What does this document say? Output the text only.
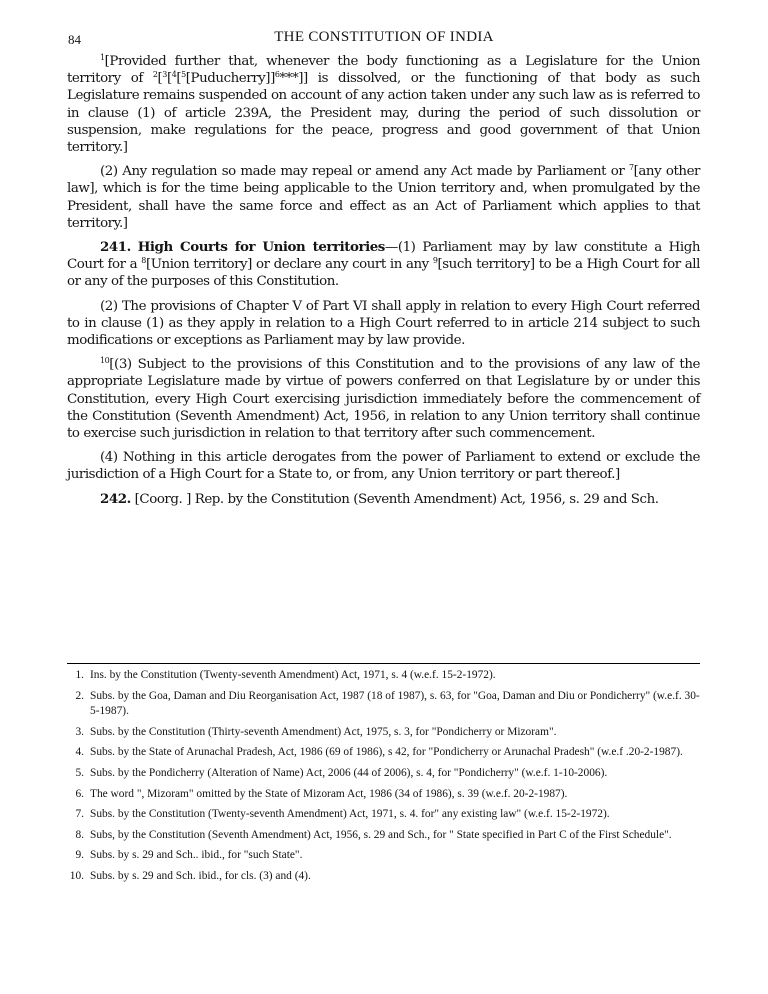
84	THE CONSTITUTION OF INDIA

$^1$[Provided further that, whenever the body functioning as a Legislature for the Union territory of $^2$[$^3$[$^4$[$^5$[Puducherry]]$^6$***]] is dissolved, or the functioning of that body as such Legislature remains suspended on account of any action taken under any such law as is referred to in clause (1) of article 239A, the President may, during the period of such dissolution or suspension, make regulations for the peace, progress and good government of that Union territory.]

(2) Any regulation so made may repeal or amend any Act made by Parliament or $^7$[any other law], which is for the time being applicable to the Union territory and, when promulgated by the President, shall have the same force and effect as an Act of Parliament which applies to that territory.]

241. High Courts for Union territories—(1) Parliament may by law constitute a High Court for a $^8$[Union territory] or declare any court in any $^9$[such territory] to be a High Court for all or any of the purposes of this Constitution.

(2) The provisions of Chapter V of Part VI shall apply in relation to every High Court referred to in clause (1) as they apply in relation to a High Court referred to in article 214 subject to such modifications or exceptions as Parliament may by law provide.

$^{10}$[(3) Subject to the provisions of this Constitution and to the provisions of any law of the appropriate Legislature made by virtue of powers conferred on that Legislature by or under this Constitution, every High Court exercising jurisdiction immediately before the commencement of the Constitution (Seventh Amendment) Act, 1956, in relation to any Union territory shall continue to exercise such jurisdiction in relation to that territory after such commencement.

(4) Nothing in this article derogates from the power of Parliament to extend or exclude the jurisdiction of a High Court for a State to, or from, any Union territory or part thereof.]

242. [Coorg. ] Rep. by the Constitution (Seventh Amendment) Act, 1956, s. 29 and Sch.

1. Ins. by the Constitution (Twenty-seventh Amendment) Act, 1971, s. 4 (w.e.f. 15-2-1972).
2. Subs. by the Goa, Daman and Diu Reorganisation Act, 1987 (18 of 1987), s. 63, for "Goa, Daman and Diu or Pondicherry" (w.e.f. 30-5-1987).
3. Subs. by the Constitution (Thirty-seventh Amendment) Act, 1975, s. 3, for "Pondicherry or Mizoram".
4. Subs. by the State of Arunachal Pradesh, Act, 1986 (69 of 1986), s 42, for "Pondicherry or Arunachal Pradesh" (w.e.f .20-2-1987).
5. Subs. by the Pondicherry (Alteration of Name) Act, 2006 (44 of 2006), s. 4, for "Pondicherry" (w.e.f. 1-10-2006).
6. The word ", Mizoram" omitted by the State of Mizoram Act, 1986 (34 of 1986), s. 39 (w.e.f. 20-2-1987).
7. Subs. by the Constitution (Twenty-seventh Amendment) Act, 1971, s. 4. for" any existing law" (w.e.f. 15-2-1972).
8. Subs, by the Constitution (Seventh Amendment) Act, 1956, s. 29 and Sch., for " State specified in Part C of the First Schedule".
9. Subs. by s. 29 and Sch.. ibid., for "such State".
10. Subs. by s. 29 and Sch. ibid., for cls. (3) and (4).
